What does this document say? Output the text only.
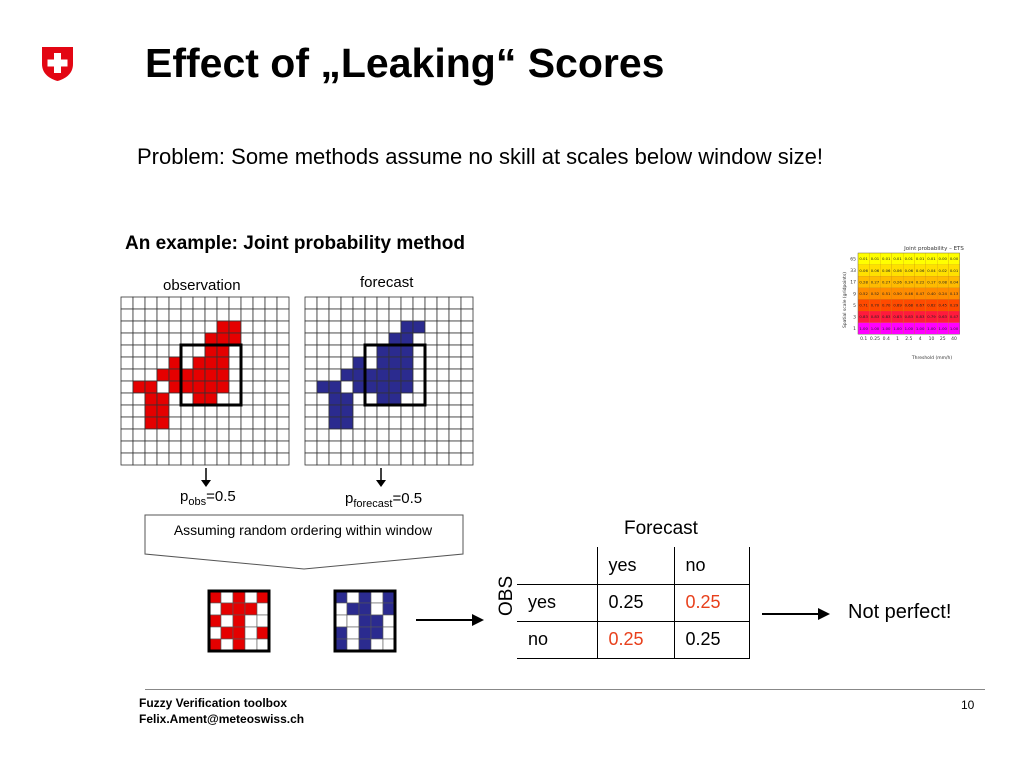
Effect of „Leaking“ Scores
Problem: Some methods assume no skill at scales below window size!
An example: Joint probability method
observation	forecast
$p_{obs}=0.5$	$p_{forecast}=0.5$
Assuming random ordering within window	Forecast
OBS
	yes	no
yes	0.25	0.25
no	0.25	0.25
Not perfect!
Joint probability – ETS
Threshold (mm/h)
Spatial scale (gridpoints)
65 0.01 0.01 0.01 0.01 0.01 0.01 0.01 0.00 0.00
33 0.06 0.06 0.06 0.06 0.06 0.06 0.04 0.02 0.01
17 0.28 0.27 0.27 0.26 0.24 0.22 0.17 0.08 0.04
9 0.52 0.52 0.51 0.50 0.46 0.47 0.40 0.24 0.13
5 0.71 0.70 0.70 0.69 0.68 0.67 0.62 0.45 0.29
3 0.83 0.83 0.83 0.83 0.83 0.83 0.79 0.63 0.47
1 1.00 1.00 1.00 1.00 1.00 1.00 1.00 1.00 1.00
0.1 0.25 0.4 1 2.5 4 10 25 40
Fuzzy Verification toolbox
Felix.Ament@meteoswiss.ch
10
